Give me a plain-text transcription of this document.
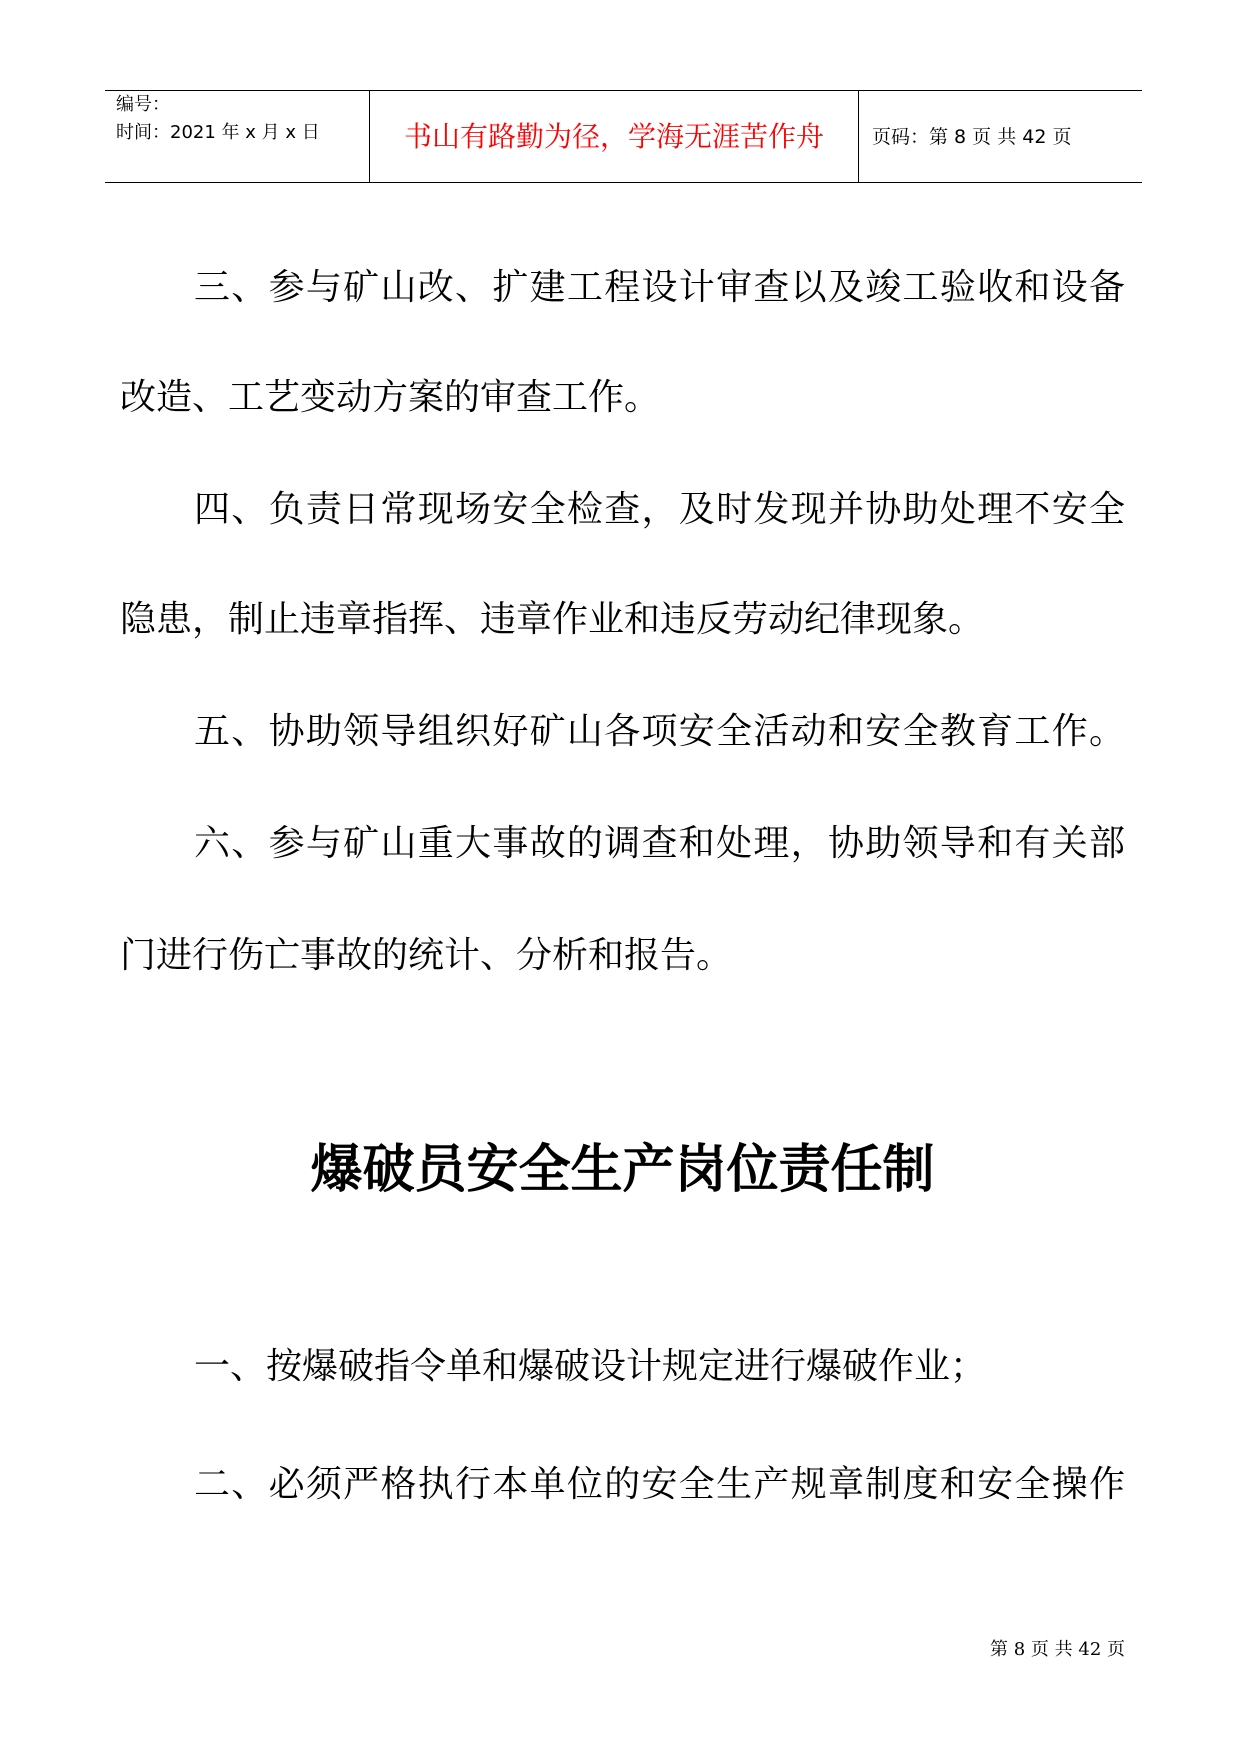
编号：
时间：2021 年 x 月 x 日	书山有路勤为径，学海无涯苦作舟	页码：第 8 页 共 42 页
三、参与矿山改、扩建工程设计审查以及竣工验收和设备
改造、工艺变动方案的审查工作。
四、负责日常现场安全检查，及时发现并协助处理不安全
隐患，制止违章指挥、违章作业和违反劳动纪律现象。
五、协助领导组织好矿山各项安全活动和安全教育工作。
六、参与矿山重大事故的调查和处理，协助领导和有关部
门进行伤亡事故的统计、分析和报告。
爆破员安全生产岗位责任制
一、按爆破指令单和爆破设计规定进行爆破作业；
二、必须严格执行本单位的安全生产规章制度和安全操作
第 8 页 共 42 页
